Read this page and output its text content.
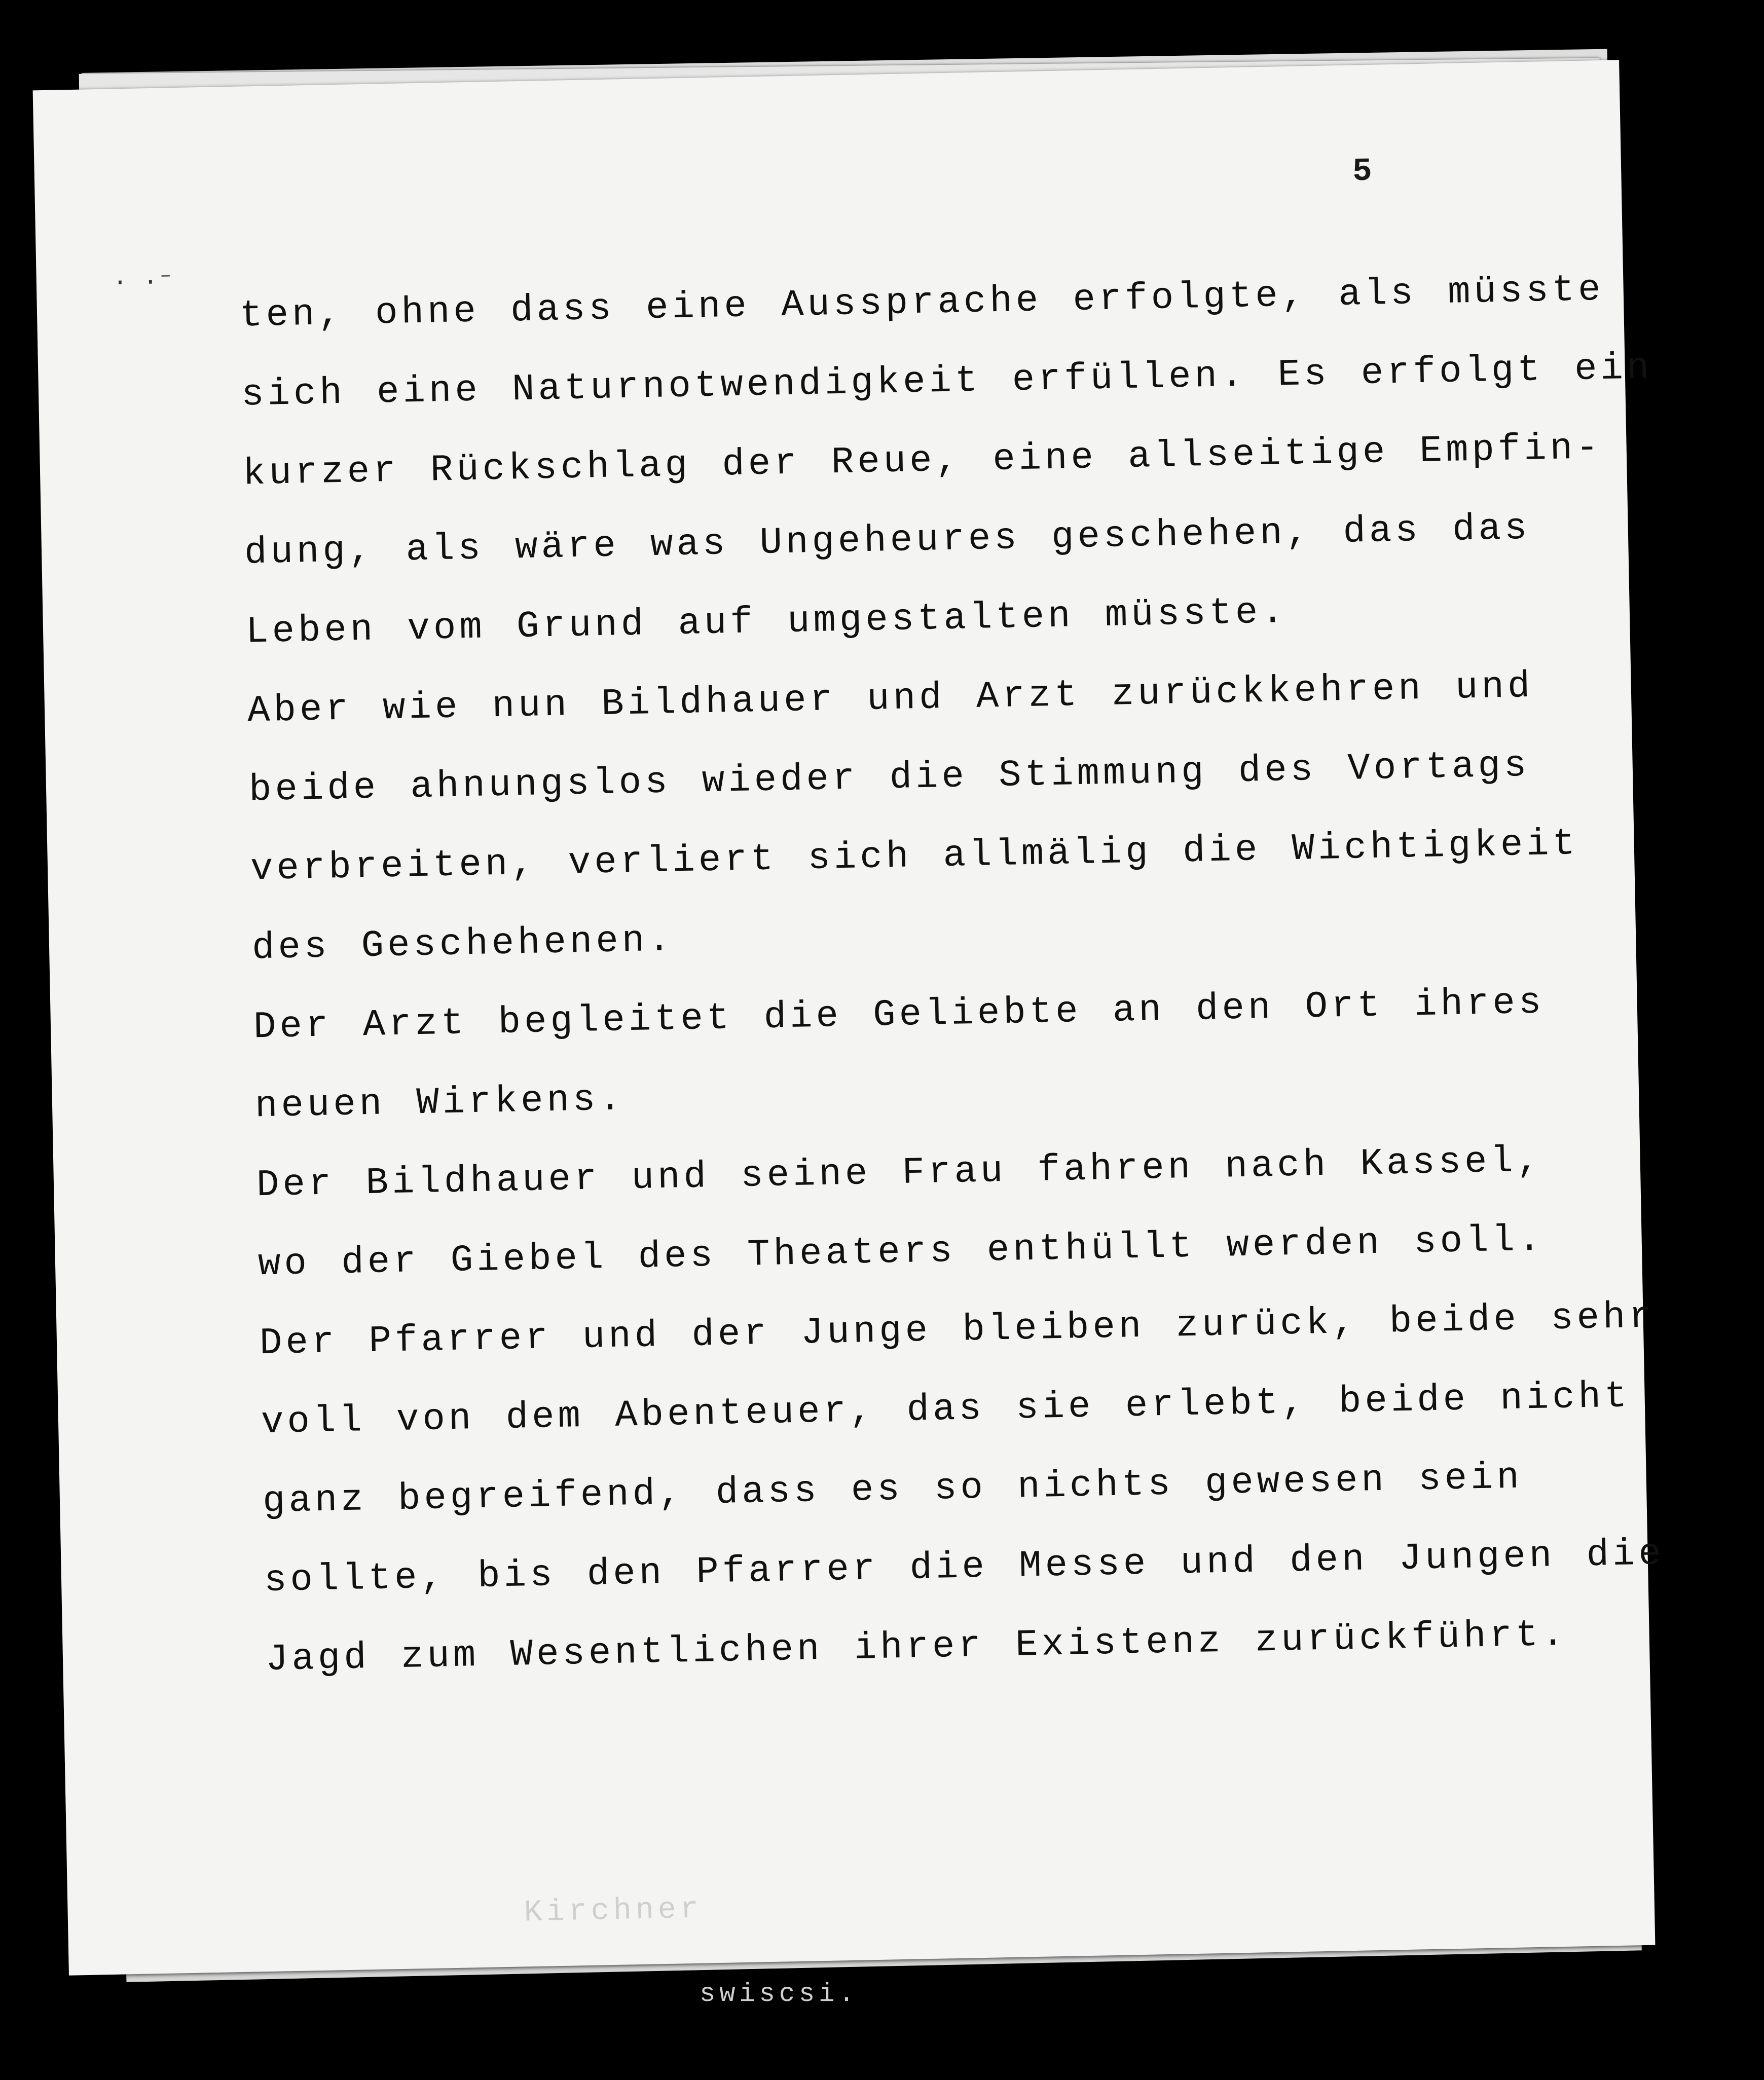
· ·⁻
5
ten, ohne dass eine Aussprache erfolgte, als müsste
sich eine Naturnotwendigkeit erfüllen. Es erfolgt ein
kurzer Rückschlag der Reue, eine allseitige Empfin-
dung, als wäre was Ungeheures geschehen, das das
Leben vom Grund auf umgestalten müsste.
Aber wie nun Bildhauer und Arzt zurückkehren und
beide ahnungslos wieder die Stimmung des Vortags
verbreiten, verliert sich allmälig die Wichtigkeit
des Geschehenen.
Der Arzt begleitet die Geliebte an den Ort ihres
neuen Wirkens.
Der Bildhauer und seine Frau fahren nach Kassel,
wo der Giebel des Theaters enthüllt werden soll.
Der Pfarrer und der Junge bleiben zurück, beide sehr
voll von dem Abenteuer, das sie erlebt, beide nicht
ganz begreifend, dass es so nichts gewesen sein
sollte, bis den Pfarrer die Messe und den Jungen die
Jagd zum Wesentlichen ihrer Existenz zurückführt.
Kirchner
swiscsi.
